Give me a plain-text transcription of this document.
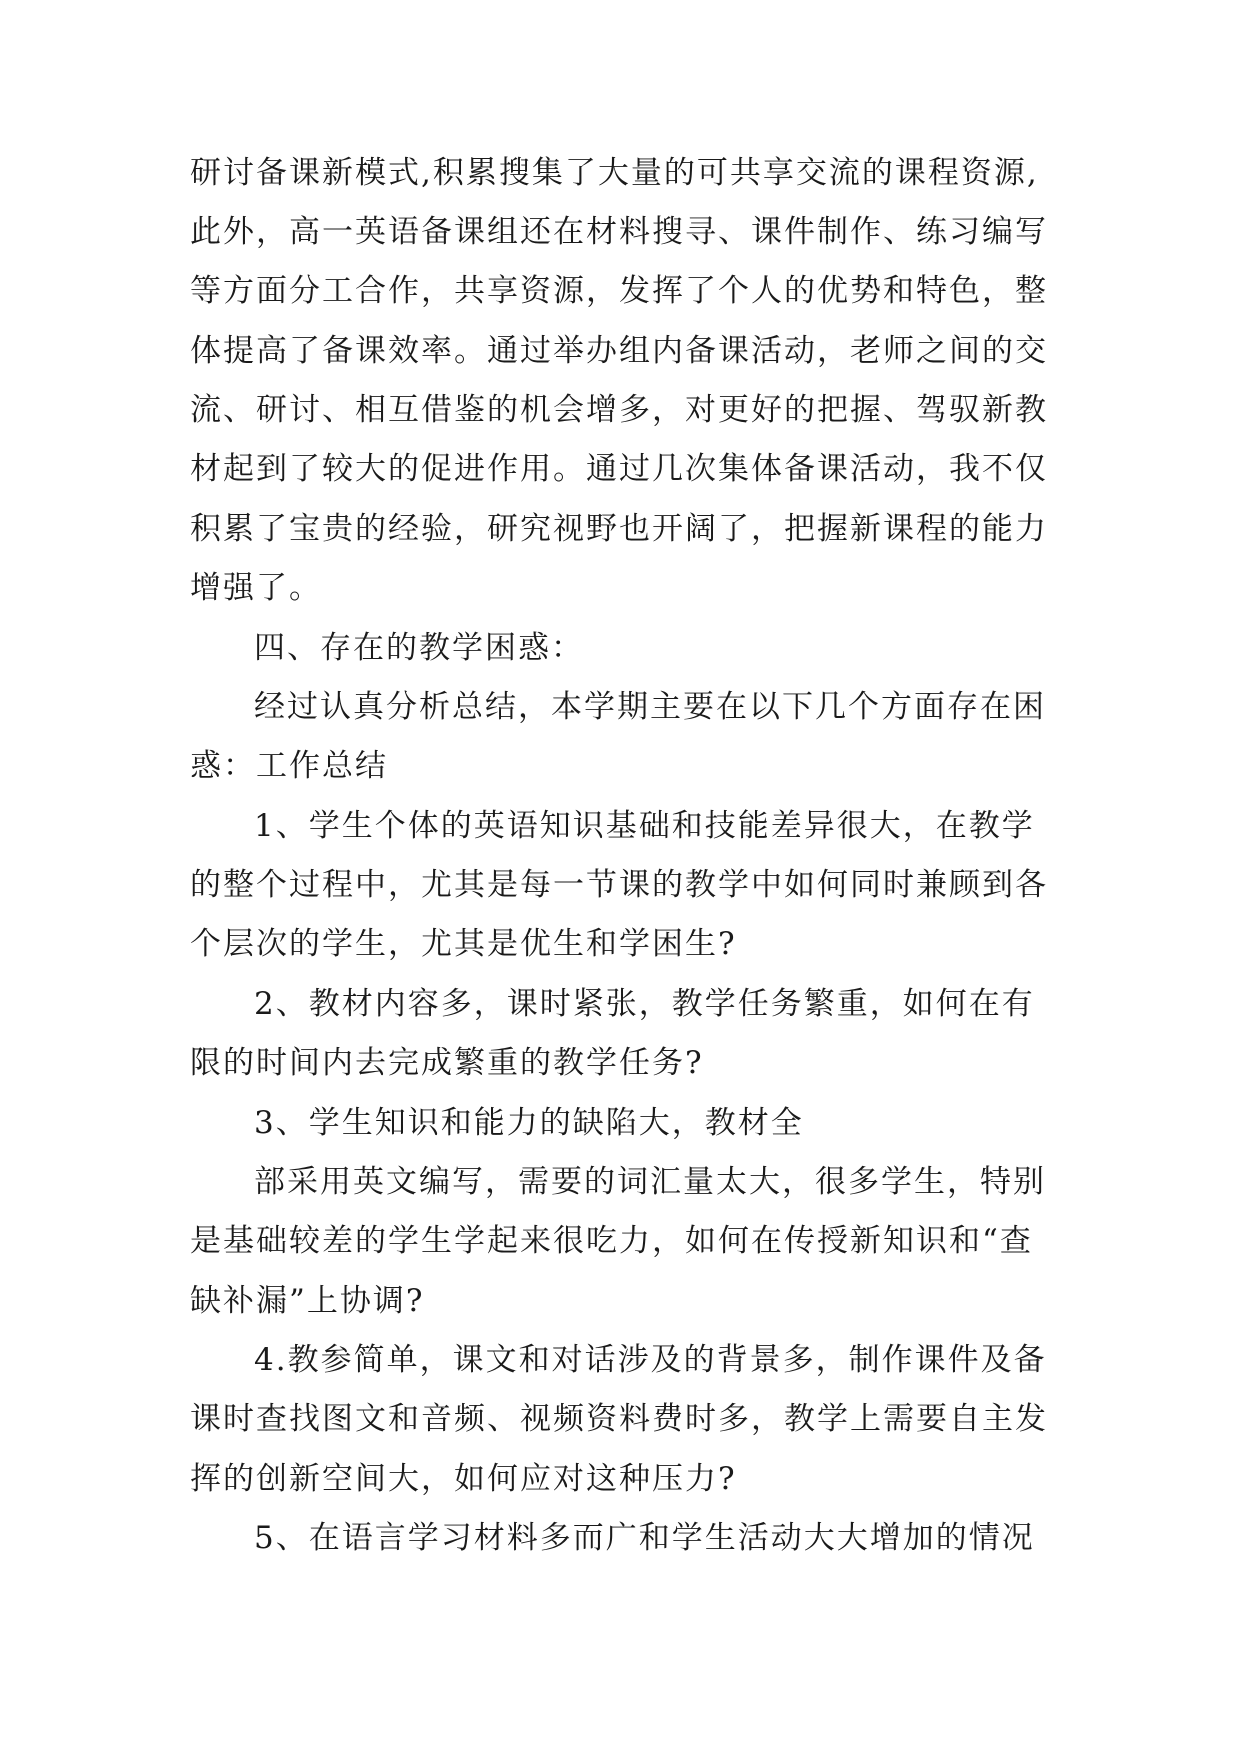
研讨备课新模式,积累搜集了大量的可共享交流的课程资源,
此外，高一英语备课组还在材料搜寻、课件制作、练习编写
等方面分工合作，共享资源，发挥了个人的优势和特色，整
体提高了备课效率。通过举办组内备课活动，老师之间的交
流、研讨、相互借鉴的机会增多，对更好的把握、驾驭新教
材起到了较大的促进作用。通过几次集体备课活动，我不仅
积累了宝贵的经验，研究视野也开阔了，把握新课程的能力
增强了。
四、存在的教学困惑：
经过认真分析总结，本学期主要在以下几个方面存在困
惑：工作总结
1、学生个体的英语知识基础和技能差异很大，在教学
的整个过程中，尤其是每一节课的教学中如何同时兼顾到各
个层次的学生，尤其是优生和学困生?
2、教材内容多，课时紧张，教学任务繁重，如何在有
限的时间内去完成繁重的教学任务?
3、学生知识和能力的缺陷大，教材全
部采用英文编写，需要的词汇量太大，很多学生，特别
是基础较差的学生学起来很吃力，如何在传授新知识和“查
缺补漏”上协调?
4.教参简单，课文和对话涉及的背景多，制作课件及备
课时查找图文和音频、视频资料费时多，教学上需要自主发
挥的创新空间大，如何应对这种压力?
5、在语言学习材料多而广和学生活动大大增加的情况
